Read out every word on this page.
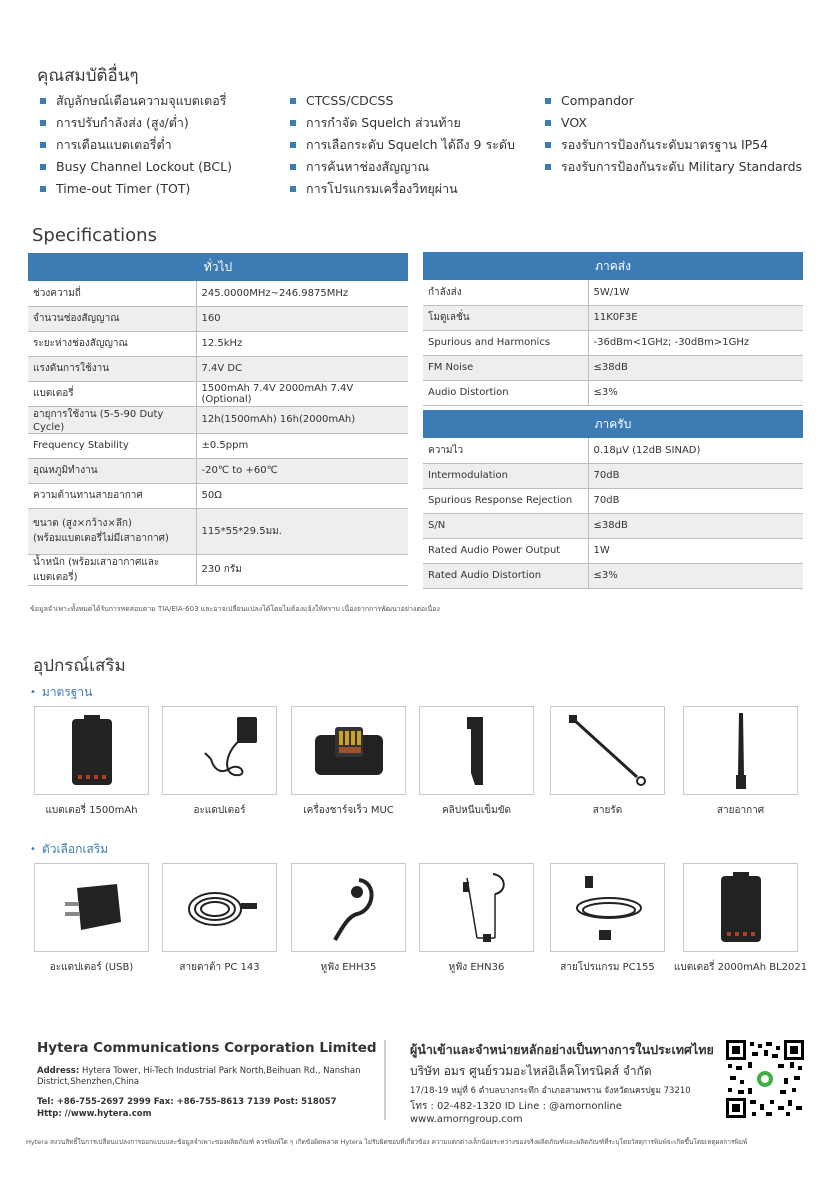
คุณสมบัติอื่นๆ
สัญลักษณ์เตือนความจุแบตเตอรี่
การปรับกำลังส่ง (สูง/ต่ำ)
การเตือนแบตเตอรี่ต่ำ
Busy Channel Lockout (BCL)
Time-out Timer (TOT)
CTCSS/CDCSS
การกำจัด Squelch ส่วนท้าย
การเลือกระดับ Squelch ได้ถึง 9 ระดับ
การค้นหาช่องสัญญาณ
การโปรแกรมเครื่องวิทยุผ่าน
Compandor
VOX
รองรับการป้องกันระดับมาตรฐาน IP54
รองรับการป้องกันระดับ Military Standards
Specifications
ทั่วไป	
ช่วงความถี่	245.0000MHz~246.9875MHz
จำนวนช่องสัญญาณ	160
ระยะห่างช่องสัญญาณ	12.5kHz
แรงดันการใช้งาน	7.4V DC
แบตเตอรี่	1500mAh 7.4V 2000mAh 7.4V (Optional)
อายุการใช้งาน (5-5-90 Duty Cycle)	12h(1500mAh) 16h(2000mAh)
Frequency Stability	±0.5ppm
อุณหภูมิทำงาน	-20℃ to +60℃
ความต้านทานสายอากาศ	50Ω
ขนาด (สูง×กว้าง×ลึก)
(พร้อมแบตเตอรี่ไม่มีเสาอากาศ)	115*55*29.5มม.
น้ำหนัก (พร้อมเสาอากาศและแบตเตอรี่)	230 กรัม
ภาคส่ง	
กำลังส่ง	5W/1W
โมดูเลชั่น	11K0F3E
Spurious and Harmonics	-36dBm<1GHz; -30dBm>1GHz
FM Noise	≤38dB
Audio Distortion	≤3%
ภาครับ	
ความไว	0.18μV (12dB SINAD)
Intermodulation	70dB
Spurious Response Rejection	70dB
S/N	≤38dB
Rated Audio Power Output	1W
Rated Audio Distortion	≤3%
ข้อมูลจำเพาะทั้งหมดได้รับการทดสอบตาม TIA/EIA-603 และอาจเปลี่ยนแปลงได้โดยไม่ต้องแจ้งให้ทราบ เนื่องจากการพัฒนาอย่างต่อเนื่อง
อุปกรณ์เสริม
• มาตรฐาน
แบตเตอรี่ 1500mAh	อะแดปเตอร์	เครื่องชาร์จเร็ว MUC	คลิปหนีบเข็มขัด	สายรัด	สายอากาศ
• ตัวเลือกเสริม
อะแดปเตอร์ (USB)	สายดาต้า PC 143	หูฟัง EHH35	หูฟัง EHN36	สายโปรแกรม PC155	แบตเตอรี่ 2000mAh BL2021
Hytera Communications Corporation Limited
Address: Hytera Tower, Hi-Tech Industrial Park North,Beihuan Rd., Nanshan District,Shenzhen,China
Tel: +86-755-2697 2999 Fax: +86-755-8613 7139 Post: 518057
Http: //www.hytera.com
ผู้นำเข้าและจำหน่ายหลักอย่างเป็นทางการในประเทศไทย
บริษัท อมร ศูนย์รวมอะไหล่อิเล็คโทรนิคส์ จำกัด
17/18-19 หมู่ที่ 6 ตำบลบางกระทึก อำเภอสามพราน จังหวัดนครปฐม 73210
โทร : 02-482-1320 ID Line : @amornonline
www.amorngroup.com
Hytera สงวนสิทธิ์ในการเปลี่ยนแปลงการออกแบบและข้อมูลจำเพาะของผลิตภัณฑ์ ควรพิมพ์ใด ๆ เกิดข้อผิดพลาด Hytera ไม่รับผิดชอบที่เกี่ยวข้อง ความแตกต่างเล็กน้อยระหว่างของจริงผลิตภัณฑ์และผลิตภัณฑ์ที่ระบุโดยวัสดุการพิมพ์จะเกิดขึ้นโดยเหตุผลการพิมพ์
